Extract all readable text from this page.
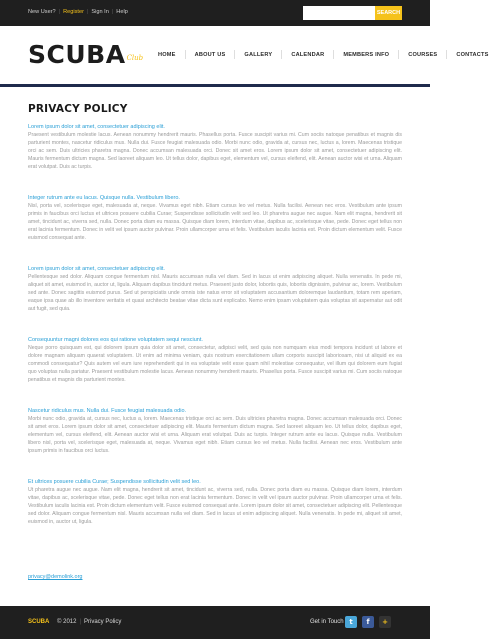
New User? | Register | Sign In | Help	SEARCH
SCUBAClub	HOME	ABOUT US	GALLERY	CALENDAR	MEMBERS INFO	COURSES	CONTACTS
PRIVACY POLICY
Lorem ipsum dolor sit amet, consectetuer adipiscing elit.

Praesent vestibulum molestie lacus. Aenean nonummy hendrerit mauris. Phasellus porta. Fusce suscipit varius mi. Cum sociis natoque penatibus et magnis dis parturient montes, nascetur ridiculus mus. Nulla dui. Fusce feugiat malesuada odio. Morbi nunc odio, gravida at, cursus nec, luctus a, lorem. Maecenas tristique orci ac sem. Duis ultricies pharetra magna. Donec accumsan malesuada orci. Donec sit amet eros. Lorem ipsum dolor sit amet, consectetuer adipiscing elit. Mauris fermentum dictum magna. Sed laoreet aliquam leo. Ut tellus dolor, dapibus eget, elementum vel, cursus eleifend, elit. Aenean auctor wisi et urna. Aliquam erat volutpat. Duis ac turpis.

Integer rutrum ante eu lacus. Quisque nulla. Vestibulum libero.

Nisl, porta vel, scelerisque eget, malesuada at, neque. Vivamus eget nibh. Etiam cursus leo vel metus. Nulla facilisi. Aenean nec eros. Vestibulum ante ipsum primis in faucibus orci luctus et ultrices posuere cubilia Curae; Suspendisse sollicitudin velit sed leo. Ut pharetra augue nec augue. Nam elit magna, hendrerit sit amet, tincidunt ac, viverra sed, nulla. Donec porta diam eu massa. Quisque diam lorem, interdum vitae, dapibus ac, scelerisque vitae, pede. Donec eget tellus non erat lacinia fermentum. Donec in velit vel ipsum auctor pulvinar. Proin ullamcorper urna et felis. Vestibulum iaculis lacinia est. Proin dictum elementum velit. Fusce euismod consequat ante.

Lorem ipsum dolor sit amet, consectetuer adipiscing elit.

Pellentesque sed dolor. Aliquam congue fermentum nisl. Mauris accumsan nulla vel diam. Sed in lacus ut enim adipiscing aliquet. Nulla venenatis. In pede mi, aliquet sit amet, euismod in, auctor ut, ligula. Aliquam dapibus tincidunt metus. Praesent justo dolor, lobortis quis, lobortis dignissim, pulvinar ac, lorem. Vestibulum sed ante. Donec sagittis euismod purus. Sed ut perspiciatis unde omnis iste natus error sit voluptatem accusantium doloremque laudantium, totam rem aperiam, eaque ipsa quae ab illo inventore veritatis et quasi architecto beatae vitae dicta sunt explicabo. Nemo enim ipsam voluptatem quia voluptas sit aspernatur aut odit aut fugit, sed quia.

Consequuntur magni dolores eos qui ratione voluptatem sequi nesciunt.

Neque porro quisquam est, qui dolorem ipsum quia dolor sit amet, consectetur, adipisci velit, sed quia non numquam eius modi tempora incidunt ut labore et dolore magnam aliquam quaerat voluptatem. Ut enim ad minima veniam, quis nostrum exercitationem ullam corporis suscipit laboriosam, nisi ut aliquid ex ea commodi consequatur? Quis autem vel eum iure reprehenderit qui in ea voluptate velit esse quam nihil molestiae consequatur, vel illum qui dolorem eum fugiat quo voluptas nulla pariatur. Praesent vestibulum molestie lacus. Aenean nonummy hendrerit mauris. Phasellus porta. Fusce suscipit varius mi. Cum sociis natoque penatibus et magnis dis parturient montes.

Nascetur ridiculus mus. Nulla dui. Fusce feugiat malesuada odio.

Morbi nunc odio, gravida at, cursus nec, luctus a, lorem. Maecenas tristique orci ac sem. Duis ultricies pharetra magna. Donec accumsan malesuada orci. Donec sit amet eros. Lorem ipsum dolor sit amet, consectetuer adipiscing elit. Mauris fermentum dictum magna. Sed laoreet aliquam leo. Ut tellus dolor, dapibus eget, elementum vel, cursus eleifend, elit. Aenean auctor wisi et urna. Aliquam erat volutpat. Duis ac turpis. Integer rutrum ante eu lacus. Quisque nulla. Vestibulum libero nisl, porta vel, scelerisque eget, malesuada at, neque. Vivamus eget nibh. Etiam cursus leo vel metus. Nulla facilisi. Aenean nec eros. Vestibulum ante ipsum primis in faucibus orci luctus.

Et ultrices posuere cubilia Curae; Suspendisse sollicitudin velit sed leo.

Ut pharetra augue nec augue. Nam elit magna, hendrerit sit amet, tincidunt ac, viverra sed, nulla. Donec porta diam eu massa. Quisque diam lorem, interdum vitae, dapibus ac, scelerisque vitae, pede. Donec eget tellus non erat lacinia fermentum. Donec in velit vel ipsum auctor pulvinar. Proin ullamcorper urna et felis. Vestibulum iaculis lacinia est. Proin dictum elementum velit. Fusce euismod consequat ante. Lorem ipsum dolor sit amet, consectetuer adipiscing elit. Pellentesque sed dolor. Aliquam congue fermentum nisl. Mauris accumsan nulla vel diam. Sed in lacus ut enim adipiscing aliquet. Nulla venenatis. In pede mi, aliquet sit amet, euismod in, auctor ut, ligula.

privacy@demolink.org
SCUBA © 2012 | Privacy Policy	Get in Touch t	f	+
